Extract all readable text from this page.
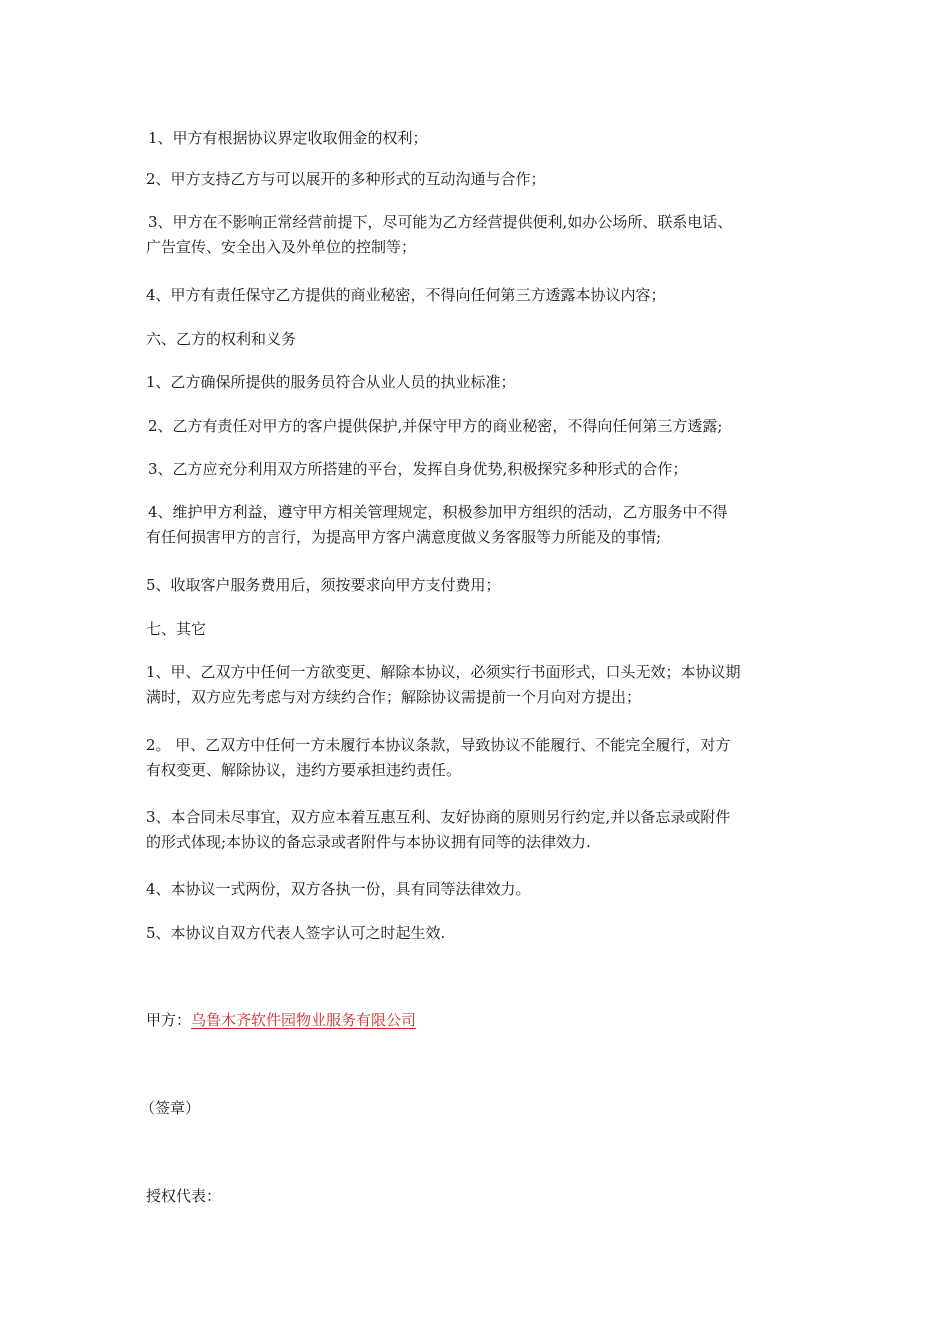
1、甲方有根据协议界定收取佣金的权利；

2、甲方支持乙方与可以展开的多种形式的互动沟通与合作；

3、甲方在不影响正常经营前提下，尽可能为乙方经营提供便利,如办公场所、联系电话、
广告宣传、安全出入及外单位的控制等；

4、甲方有责任保守乙方提供的商业秘密，不得向任何第三方透露本协议内容；

六、乙方的权利和义务

1、乙方确保所提供的服务员符合从业人员的执业标准；

2、乙方有责任对甲方的客户提供保护,并保守甲方的商业秘密，不得向任何第三方透露;

3、乙方应充分利用双方所搭建的平台，发挥自身优势,积极探究多种形式的合作；

4、维护甲方利益，遵守甲方相关管理规定，积极参加甲方组织的活动，乙方服务中不得
有任何损害甲方的言行，为提高甲方客户满意度做义务客服等力所能及的事情;

5、收取客户服务费用后，须按要求向甲方支付费用；

七、其它

1、甲、乙双方中任何一方欲变更、解除本协议，必须实行书面形式，口头无效；本协议期
满时，双方应先考虑与对方续约合作；解除协议需提前一个月向对方提出；

2。 甲、乙双方中任何一方未履行本协议条款，导致协议不能履行、不能完全履行，对方
有权变更、解除协议，违约方要承担违约责任。

3、本合同未尽事宜，双方应本着互惠互利、友好协商的原则另行约定,并以备忘录或附件
的形式体现;本协议的备忘录或者附件与本协议拥有同等的法律效力.

4、本协议一式两份，双方各执一份，具有同等法律效力。

5、本协议自双方代表人签字认可之时起生效.

甲方：乌鲁木齐软件园物业服务有限公司

（签章）

授权代表：
